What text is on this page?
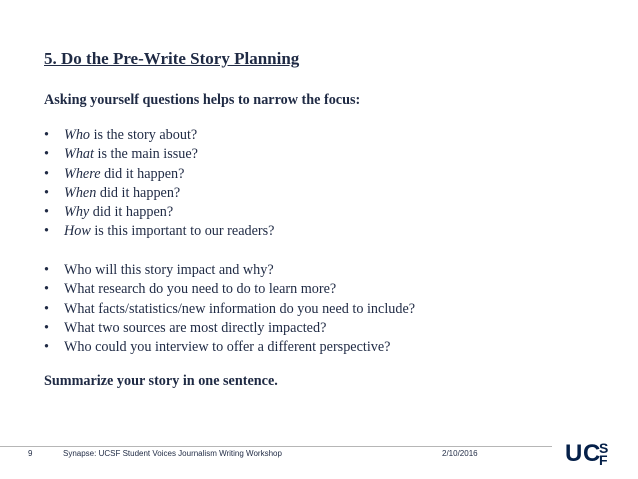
5. Do the Pre-Write Story Planning

Asking yourself questions helps to narrow the focus:

• Who is the story about?
• What is the main issue?
• Where did it happen?
• When did it happen?
• Why did it happen?
• How is this important to our readers?
• Who will this story impact and why?
• What research do you need to do to learn more?
• What facts/statistics/new information do you need to include?
• What two sources are most directly impacted?
• Who could you interview to offer a different perspective?

Summarize your story in one sentence.

9	Synapse: UCSF Student Voices Journalism Writing Workshop	2/10/2016	U C S
F
